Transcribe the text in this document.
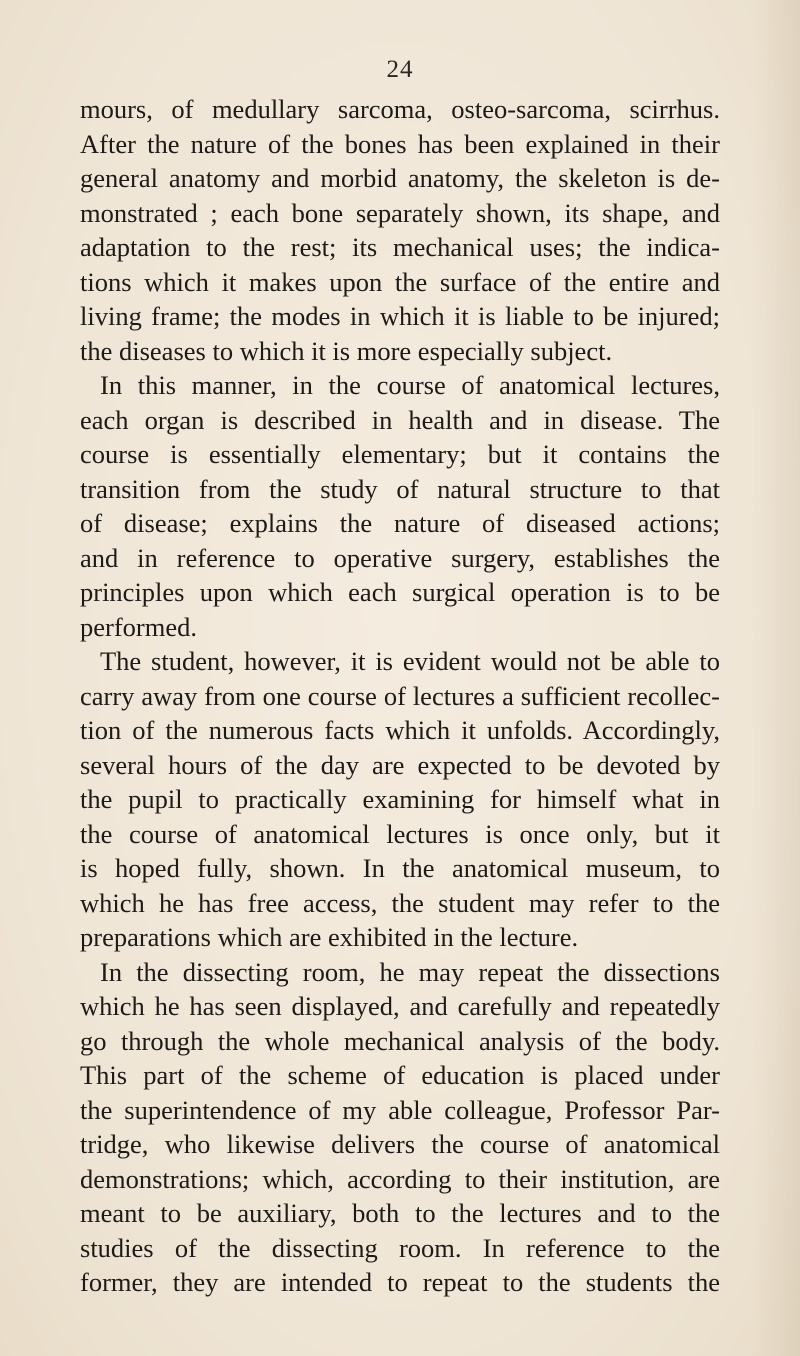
24
mours, of medullary sarcoma, osteo-sarcoma, scirrhus.
After the nature of the bones has been explained in their
general anatomy and morbid anatomy, the skeleton is de-
monstrated ; each bone separately shown, its shape, and
adaptation to the rest; its mechanical uses; the indica-
tions which it makes upon the surface of the entire and
living frame; the modes in which it is liable to be injured;
the diseases to which it is more especially subject.
In this manner, in the course of anatomical lectures,
each organ is described in health and in disease. The
course is essentially elementary; but it contains the
transition from the study of natural structure to that
of disease; explains the nature of diseased actions;
and in reference to operative surgery, establishes the
principles upon which each surgical operation is to be
performed.
The student, however, it is evident would not be able to
carry away from one course of lectures a sufficient recollec-
tion of the numerous facts which it unfolds. Accordingly,
several hours of the day are expected to be devoted by
the pupil to practically examining for himself what in
the course of anatomical lectures is once only, but it
is hoped fully, shown. In the anatomical museum, to
which he has free access, the student may refer to the
preparations which are exhibited in the lecture.
In the dissecting room, he may repeat the dissections
which he has seen displayed, and carefully and repeatedly
go through the whole mechanical analysis of the body.
This part of the scheme of education is placed under
the superintendence of my able colleague, Professor Par-
tridge, who likewise delivers the course of anatomical
demonstrations; which, according to their institution, are
meant to be auxiliary, both to the lectures and to the
studies of the dissecting room. In reference to the
former, they are intended to repeat to the students the
